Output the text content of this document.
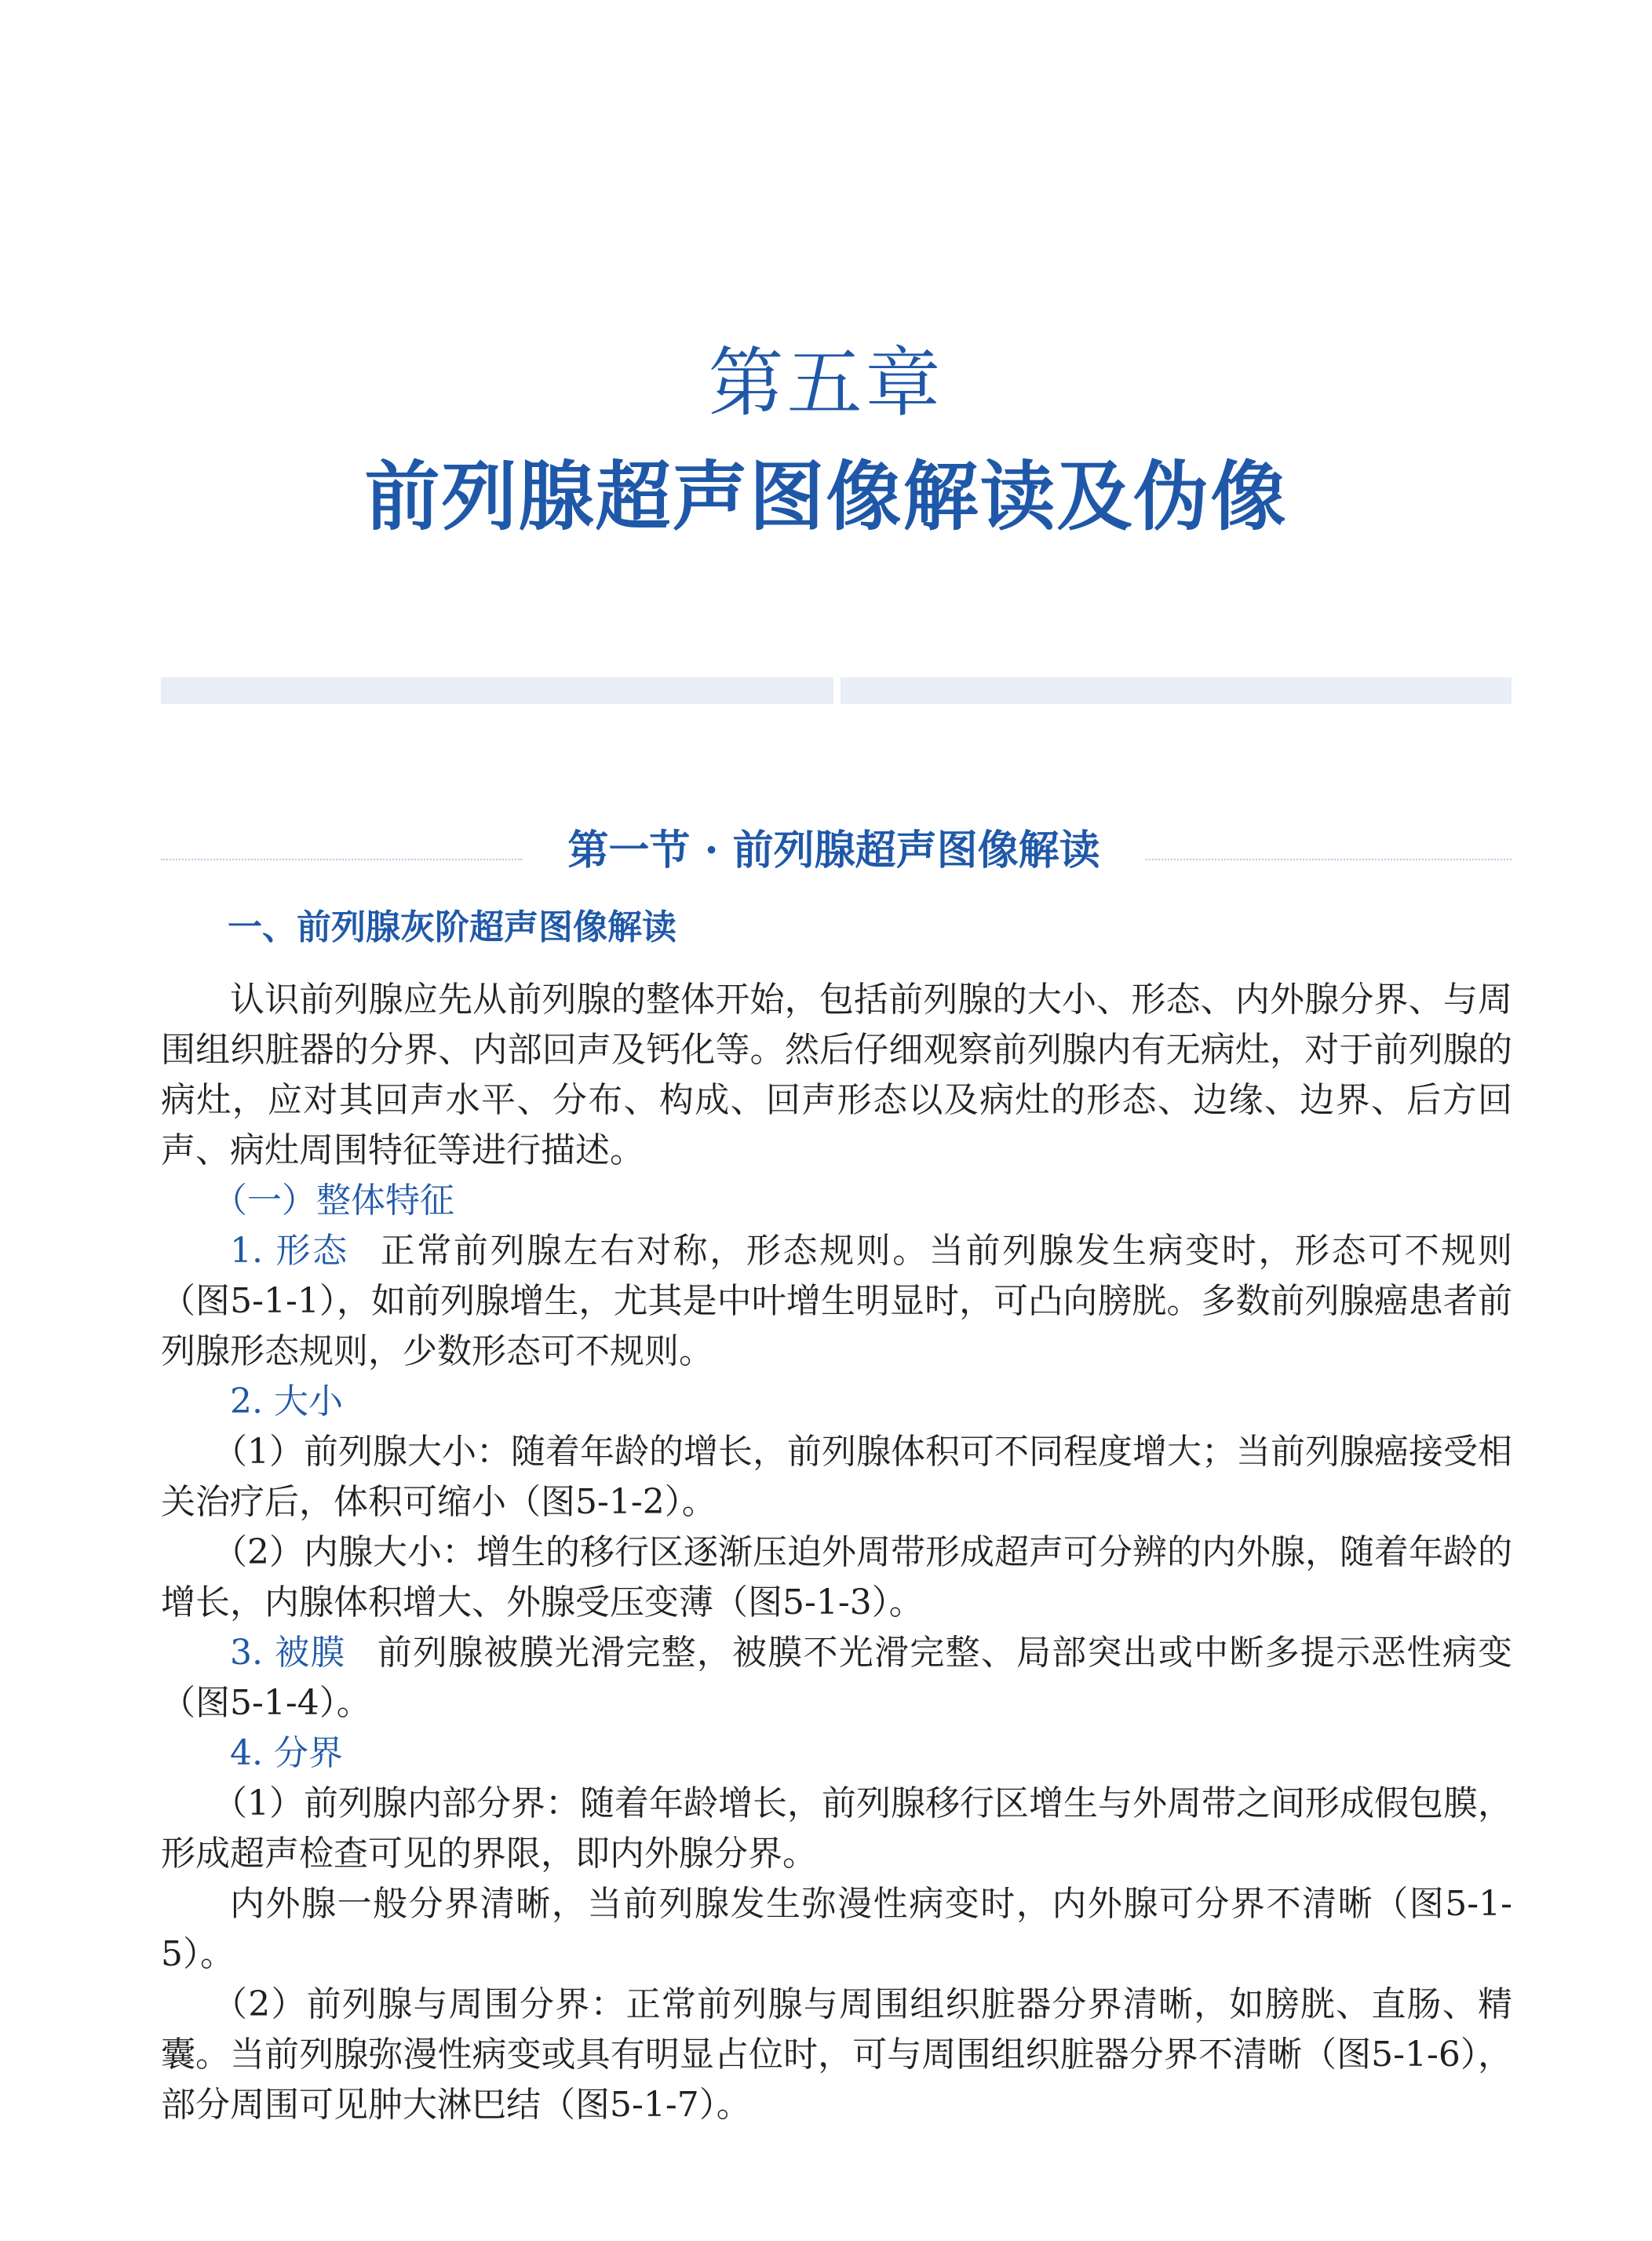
第五章
前列腺超声图像解读及伪像
第一节 · 前列腺超声图像解读
一、前列腺灰阶超声图像解读

认识前列腺应先从前列腺的整体开始，包括前列腺的大小、形态、内外腺分界、与周围组织脏器的分界、内部回声及钙化等。然后仔细观察前列腺内有无病灶，对于前列腺的病灶，应对其回声水平、分布、构成、回声形态以及病灶的形态、边缘、边界、后方回声、病灶周围特征等进行描述。

（一）整体特征

1. 形态 正常前列腺左右对称，形态规则。当前列腺发生病变时，形态可不规则（图5-1-1），如前列腺增生，尤其是中叶增生明显时，可凸向膀胱。多数前列腺癌患者前列腺形态规则，少数形态可不规则。

2. 大小

（1）前列腺大小：随着年龄的增长，前列腺体积可不同程度增大；当前列腺癌接受相关治疗后，体积可缩小（图5-1-2）。

（2）内腺大小：增生的移行区逐渐压迫外周带形成超声可分辨的内外腺，随着年龄的增长，内腺体积增大、外腺受压变薄（图5-1-3）。

3. 被膜 前列腺被膜光滑完整，被膜不光滑完整、局部突出或中断多提示恶性病变（图5-1-4）。

4. 分界

（1）前列腺内部分界：随着年龄增长，前列腺移行区增生与外周带之间形成假包膜，形成超声检查可见的界限，即内外腺分界。

内外腺一般分界清晰，当前列腺发生弥漫性病变时，内外腺可分界不清晰（图5-1-5）。

（2）前列腺与周围分界：正常前列腺与周围组织脏器分界清晰，如膀胱、直肠、精囊。当前列腺弥漫性病变或具有明显占位时，可与周围组织脏器分界不清晰（图5-1-6），部分周围可见肿大淋巴结（图5-1-7）。
